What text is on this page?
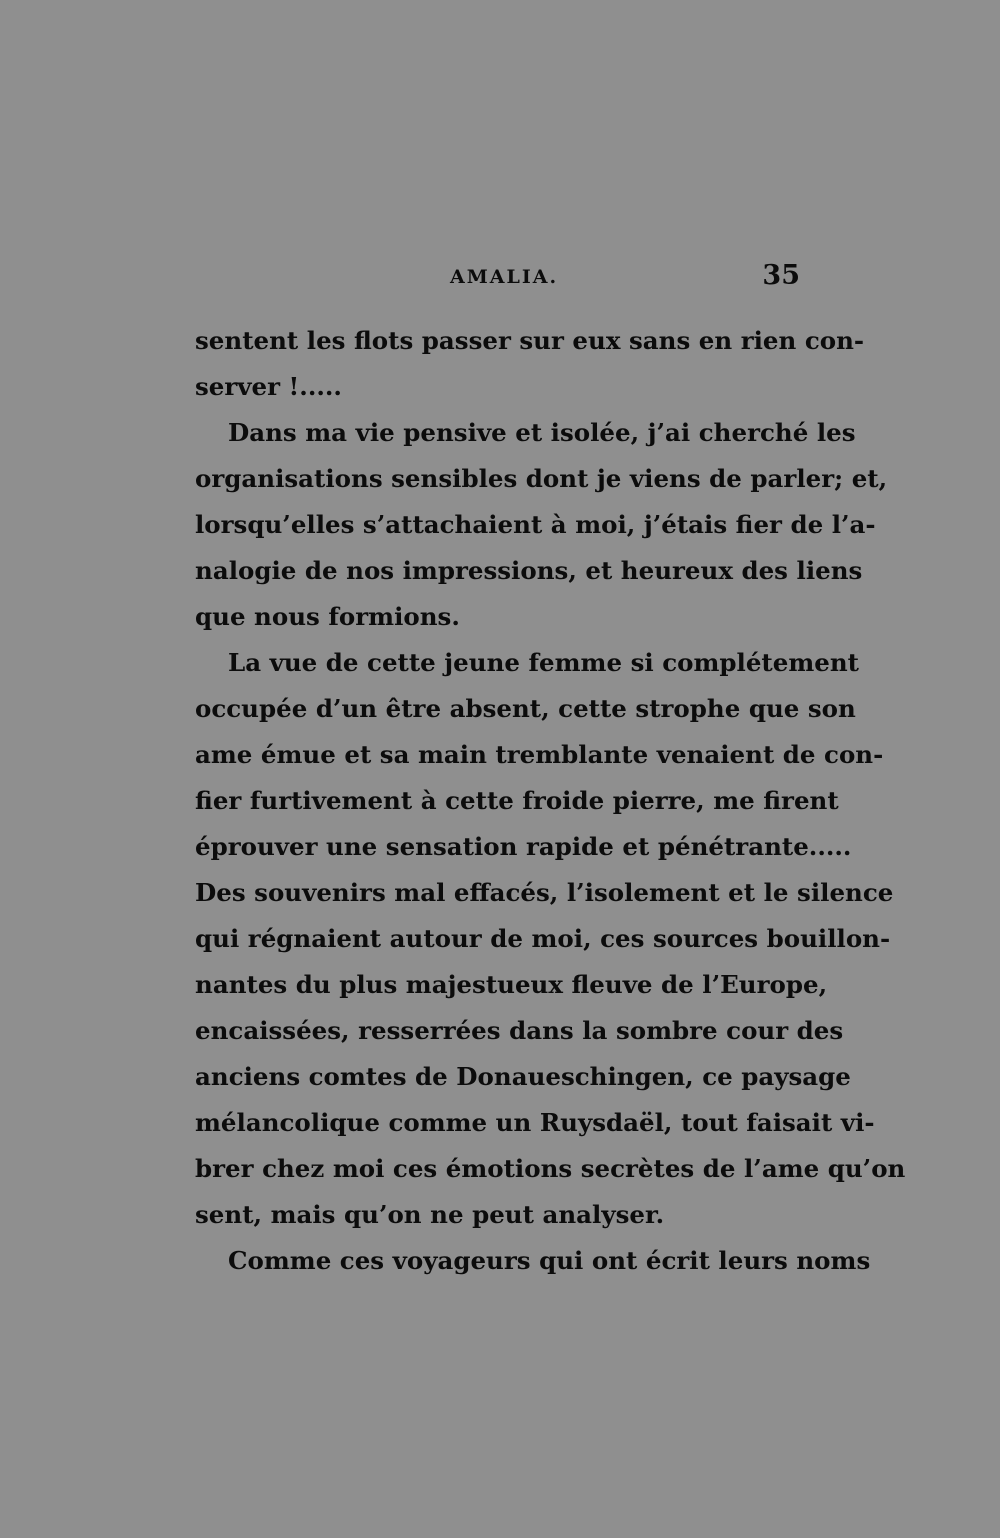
AMALIA.	35
sentent les flots passer sur eux sans en rien con-
server !.....
Dans ma vie pensive et isolée, j’ai cherché les
organisations sensibles dont je viens de parler; et,
lorsqu’elles s’attachaient à moi, j’étais fier de l’a-
nalogie de nos impressions, et heureux des liens
que nous formions.
La vue de cette jeune femme si complétement
occupée d’un être absent, cette strophe que son
ame émue et sa main tremblante venaient de con-
fier furtivement à cette froide pierre, me firent
éprouver une sensation rapide et pénétrante.....
Des souvenirs mal effacés, l’isolement et le silence
qui régnaient autour de moi, ces sources bouillon-
nantes du plus majestueux fleuve de l’Europe,
encaissées, resserrées dans la sombre cour des
anciens comtes de Donaueschingen, ce paysage
mélancolique comme un Ruysdaël, tout faisait vi-
brer chez moi ces émotions secrètes de l’ame qu’on
sent, mais qu’on ne peut analyser.
Comme ces voyageurs qui ont écrit leurs noms
